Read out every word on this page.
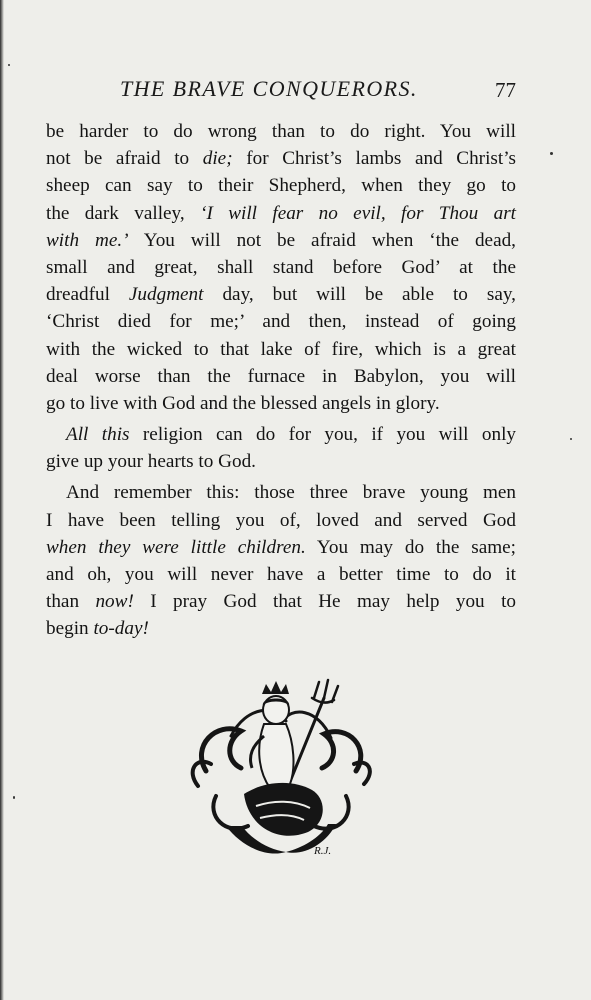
THE BRAVE CONQUERORS.	77
be harder to do wrong than to do right. You will
not be afraid to die; for Christ’s lambs and Christ’s
sheep can say to their Shepherd, when they go to
the dark valley, ‘I will fear no evil, for Thou art
with me.’ You will not be afraid when ‘the dead,
small and great, shall stand before God’ at the
dreadful Judgment day, but will be able to say,
‘Christ died for me;’ and then, instead of going
with the wicked to that lake of fire, which is a great
deal worse than the furnace in Babylon, you will
go to live with God and the blessed angels in glory.
All this religion can do for you, if you will only
give up your hearts to God.
And remember this: those three brave young men
I have been telling you of, loved and served God
when they were little children. You may do the same;
and oh, you will never have a better time to do it
than now! I pray God that He may help you to
begin to-day!
R.J.
